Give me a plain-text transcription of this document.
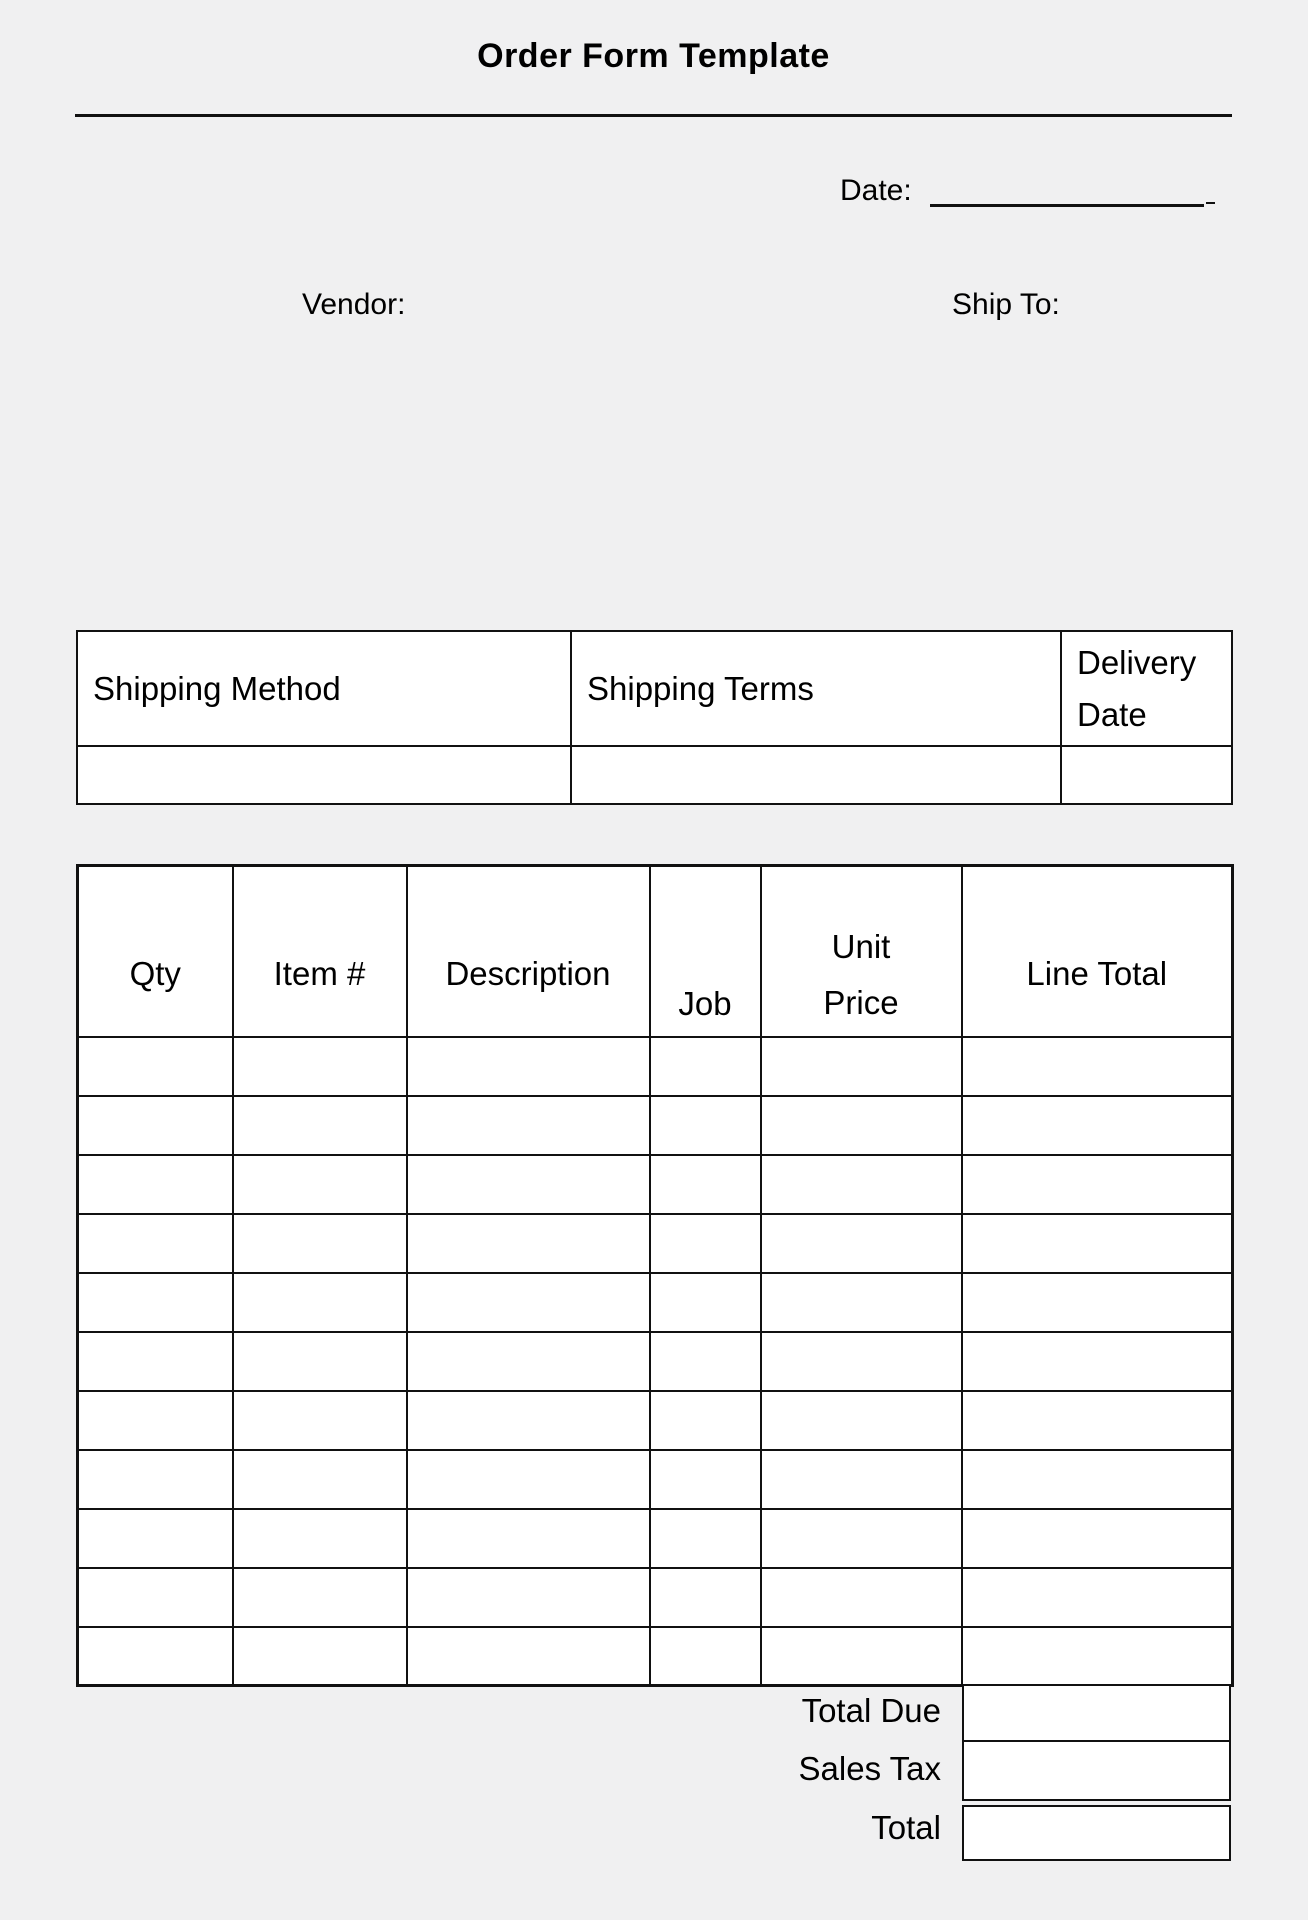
Order Form Template
Date:
Vendor:	Ship To:
Shipping Method	Shipping Terms	Delivery Date

Qty	Item #	Description	Job	Unit Price	Line Total

Total Due
Sales Tax
Total
